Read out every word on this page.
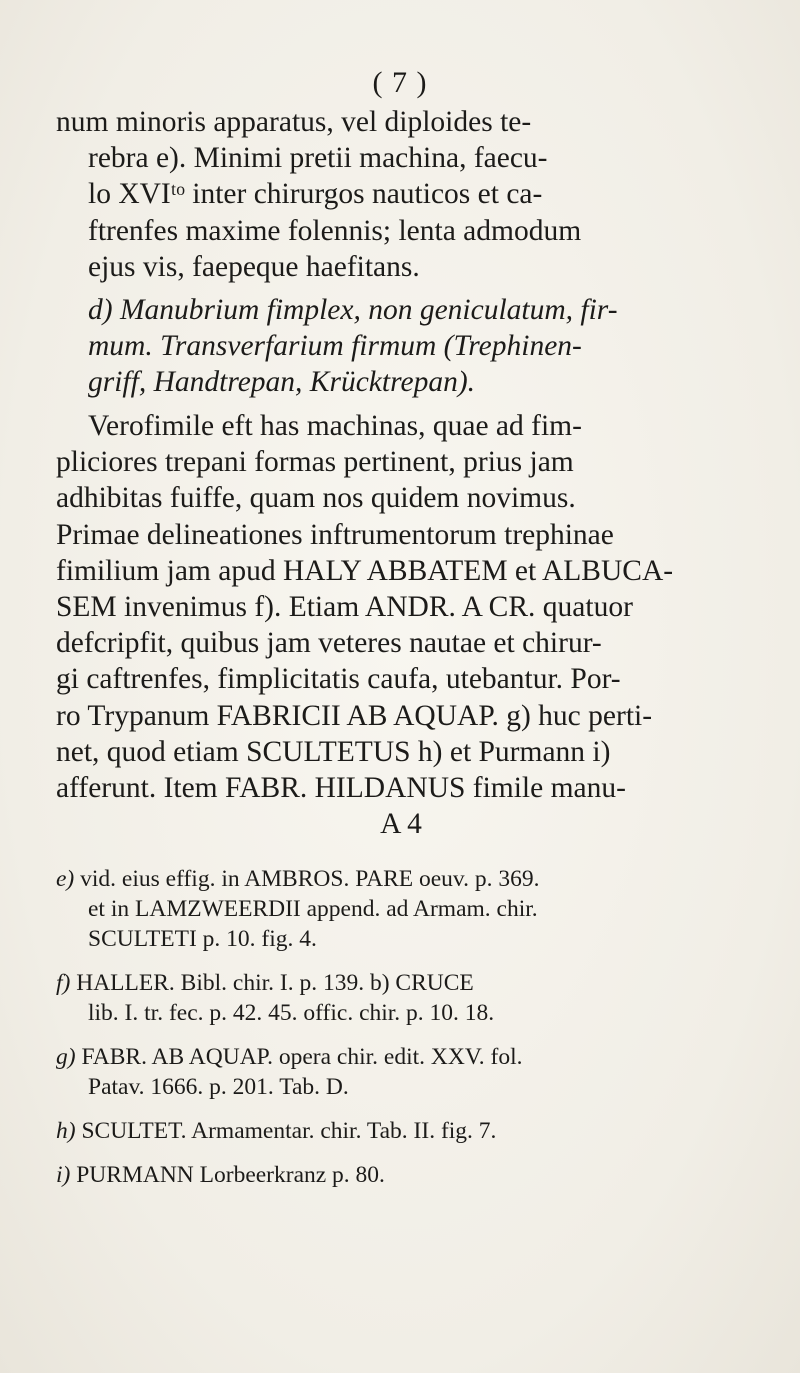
( 7 )
num minoris apparatus, vel diploides te-
rebra e). Minimi pretii machina, faecu-
lo XVIᵗᵒ inter chirurgos nauticos et ca-
ftrenfes maxime folennis; lenta admodum
ejus vis, faepeque haefitans.
d) Manubrium fimplex, non geniculatum, fir-
mum. Transverfarium firmum (Trephinen-
griff, Handtrepan, Krücktrepan).
Verofimile eft has machinas, quae ad fim-
pliciores trepani formas pertinent, prius jam
adhibitas fuiffe, quam nos quidem novimus.
Primae delineationes inftrumentorum trephinae
fimilium jam apud HALY ABBATEM et ALBUCA-
SEM invenimus f). Etiam ANDR. A CR. quatuor
defcripfit, quibus jam veteres nautae et chirur-
gi caftrenfes, fimplicitatis caufa, utebantur. Por-
ro Trypanum FABRICII AB AQUAP. g) huc perti-
net, quod etiam SCULTETUS h) et Purmann i)
afferunt. Item FABR. HILDANUS fimile manu-
A 4
e) vid. eius effig. in AMBROS. PARE oeuv. p. 369.
et in LAMZWEERDII append. ad Armam. chir.
SCULTETI p. 10. fig. 4.
f) HALLER. Bibl. chir. I. p. 139. b) CRUCE
lib. I. tr. fec. p. 42. 45. offic. chir. p. 10. 18.
g) FABR. AB AQUAP. opera chir. edit. XXV. fol.
Patav. 1666. p. 201. Tab. D.
h) SCULTET. Armamentar. chir. Tab. II. fig. 7.
i) PURMANN Lorbeerkranz p. 80.
